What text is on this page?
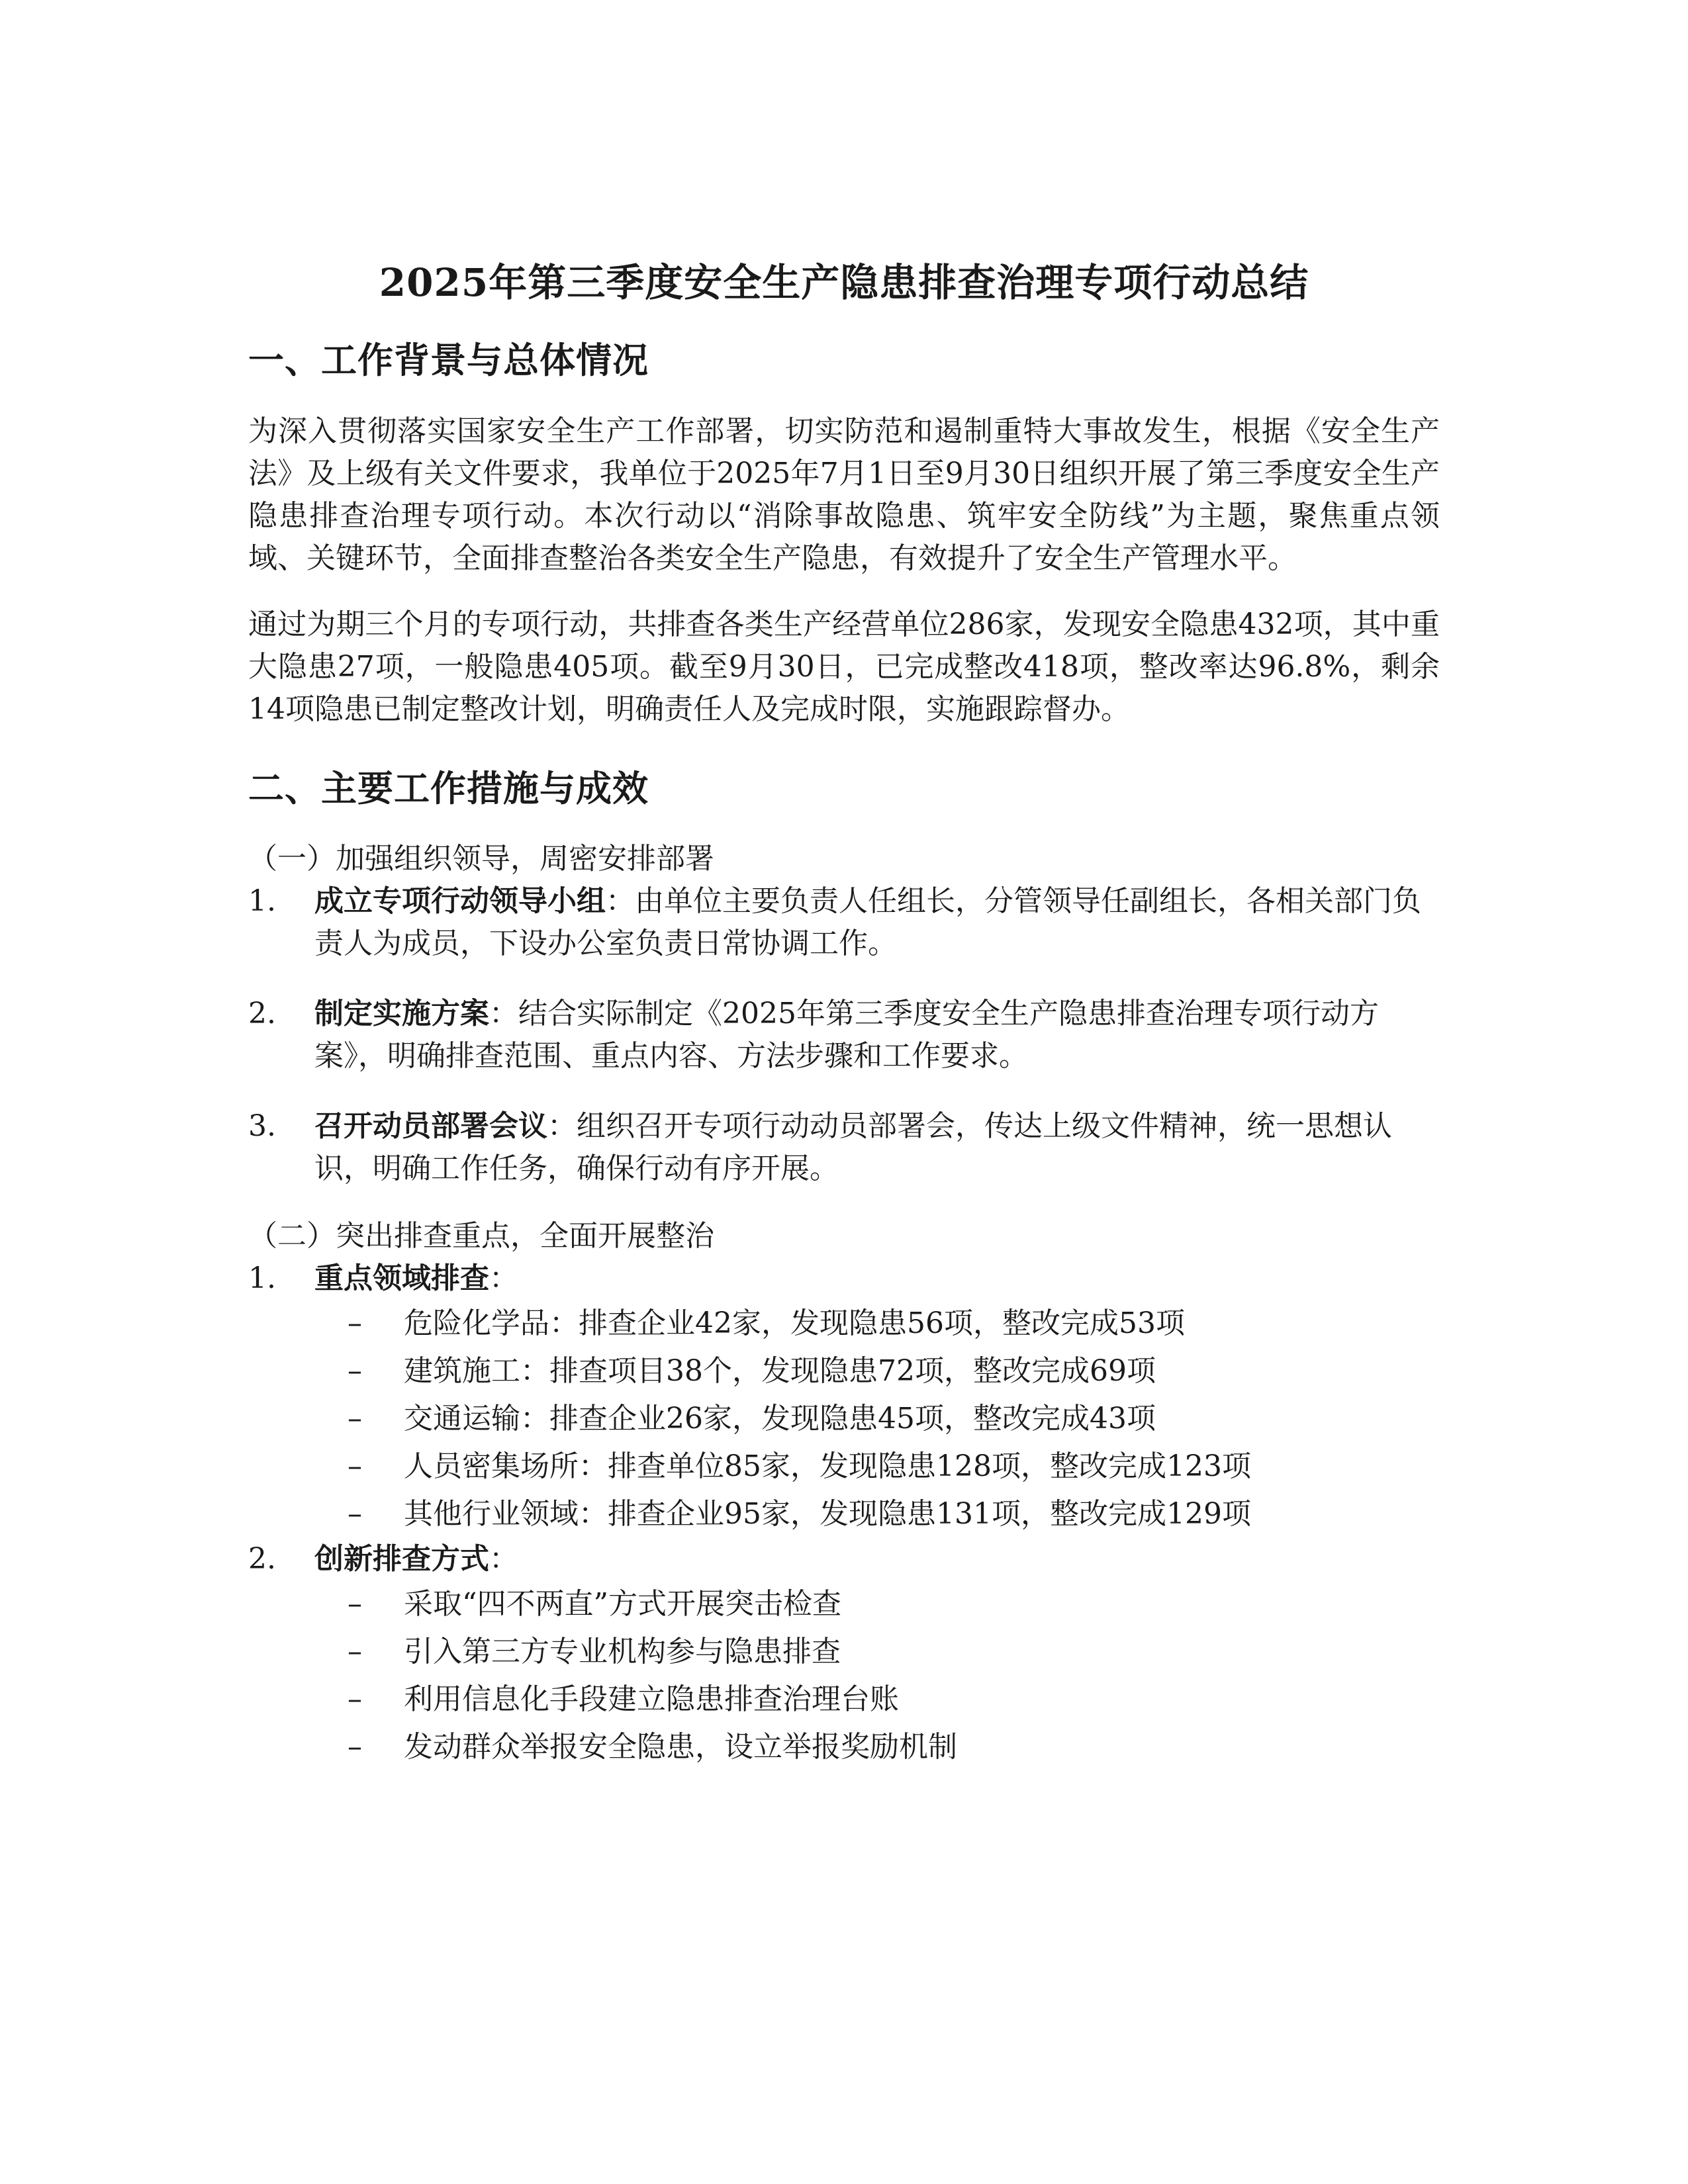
2025年第三季度安全生产隐患排查治理专项行动总结
一、工作背景与总体情况

为深入贯彻落实国家安全生产工作部署，切实防范和遏制重特大事故发生，根据《安全生产法》及上级有关文件要求，我单位于2025年7月1日至9月30日组织开展了第三季度安全生产隐患排查治理专项行动。本次行动以“消除事故隐患、筑牢安全防线”为主题，聚焦重点领域、关键环节，全面排查整治各类安全生产隐患，有效提升了安全生产管理水平。

通过为期三个月的专项行动，共排查各类生产经营单位286家，发现安全隐患432项，其中重大隐患27项，一般隐患405项。截至9月30日，已完成整改418项，整改率达96.8%，剩余14项隐患已制定整改计划，明确责任人及完成时限，实施跟踪督办。

二、主要工作措施与成效
（一）加强组织领导，周密安排部署
1.	成立专项行动领导小组：由单位主要负责人任组长，分管领导任副组长，各相关部门负责人为成员，下设办公室负责日常协调工作。
2.	制定实施方案：结合实际制定《2025年第三季度安全生产隐患排查治理专项行动方案》，明确排查范围、重点内容、方法步骤和工作要求。
3.	召开动员部署会议：组织召开专项行动动员部署会，传达上级文件精神，统一思想认识，明确工作任务，确保行动有序开展。
（二）突出排查重点，全面开展整治
1.	重点领域排查：
–	危险化学品：排查企业42家，发现隐患56项，整改完成53项
–	建筑施工：排查项目38个，发现隐患72项，整改完成69项
–	交通运输：排查企业26家，发现隐患45项，整改完成43项
–	人员密集场所：排查单位85家，发现隐患128项，整改完成123项
–	其他行业领域：排查企业95家，发现隐患131项，整改完成129项
2.	创新排查方式：
–	采取“四不两直”方式开展突击检查
–	引入第三方专业机构参与隐患排查
–	利用信息化手段建立隐患排查治理台账
–	发动群众举报安全隐患，设立举报奖励机制
